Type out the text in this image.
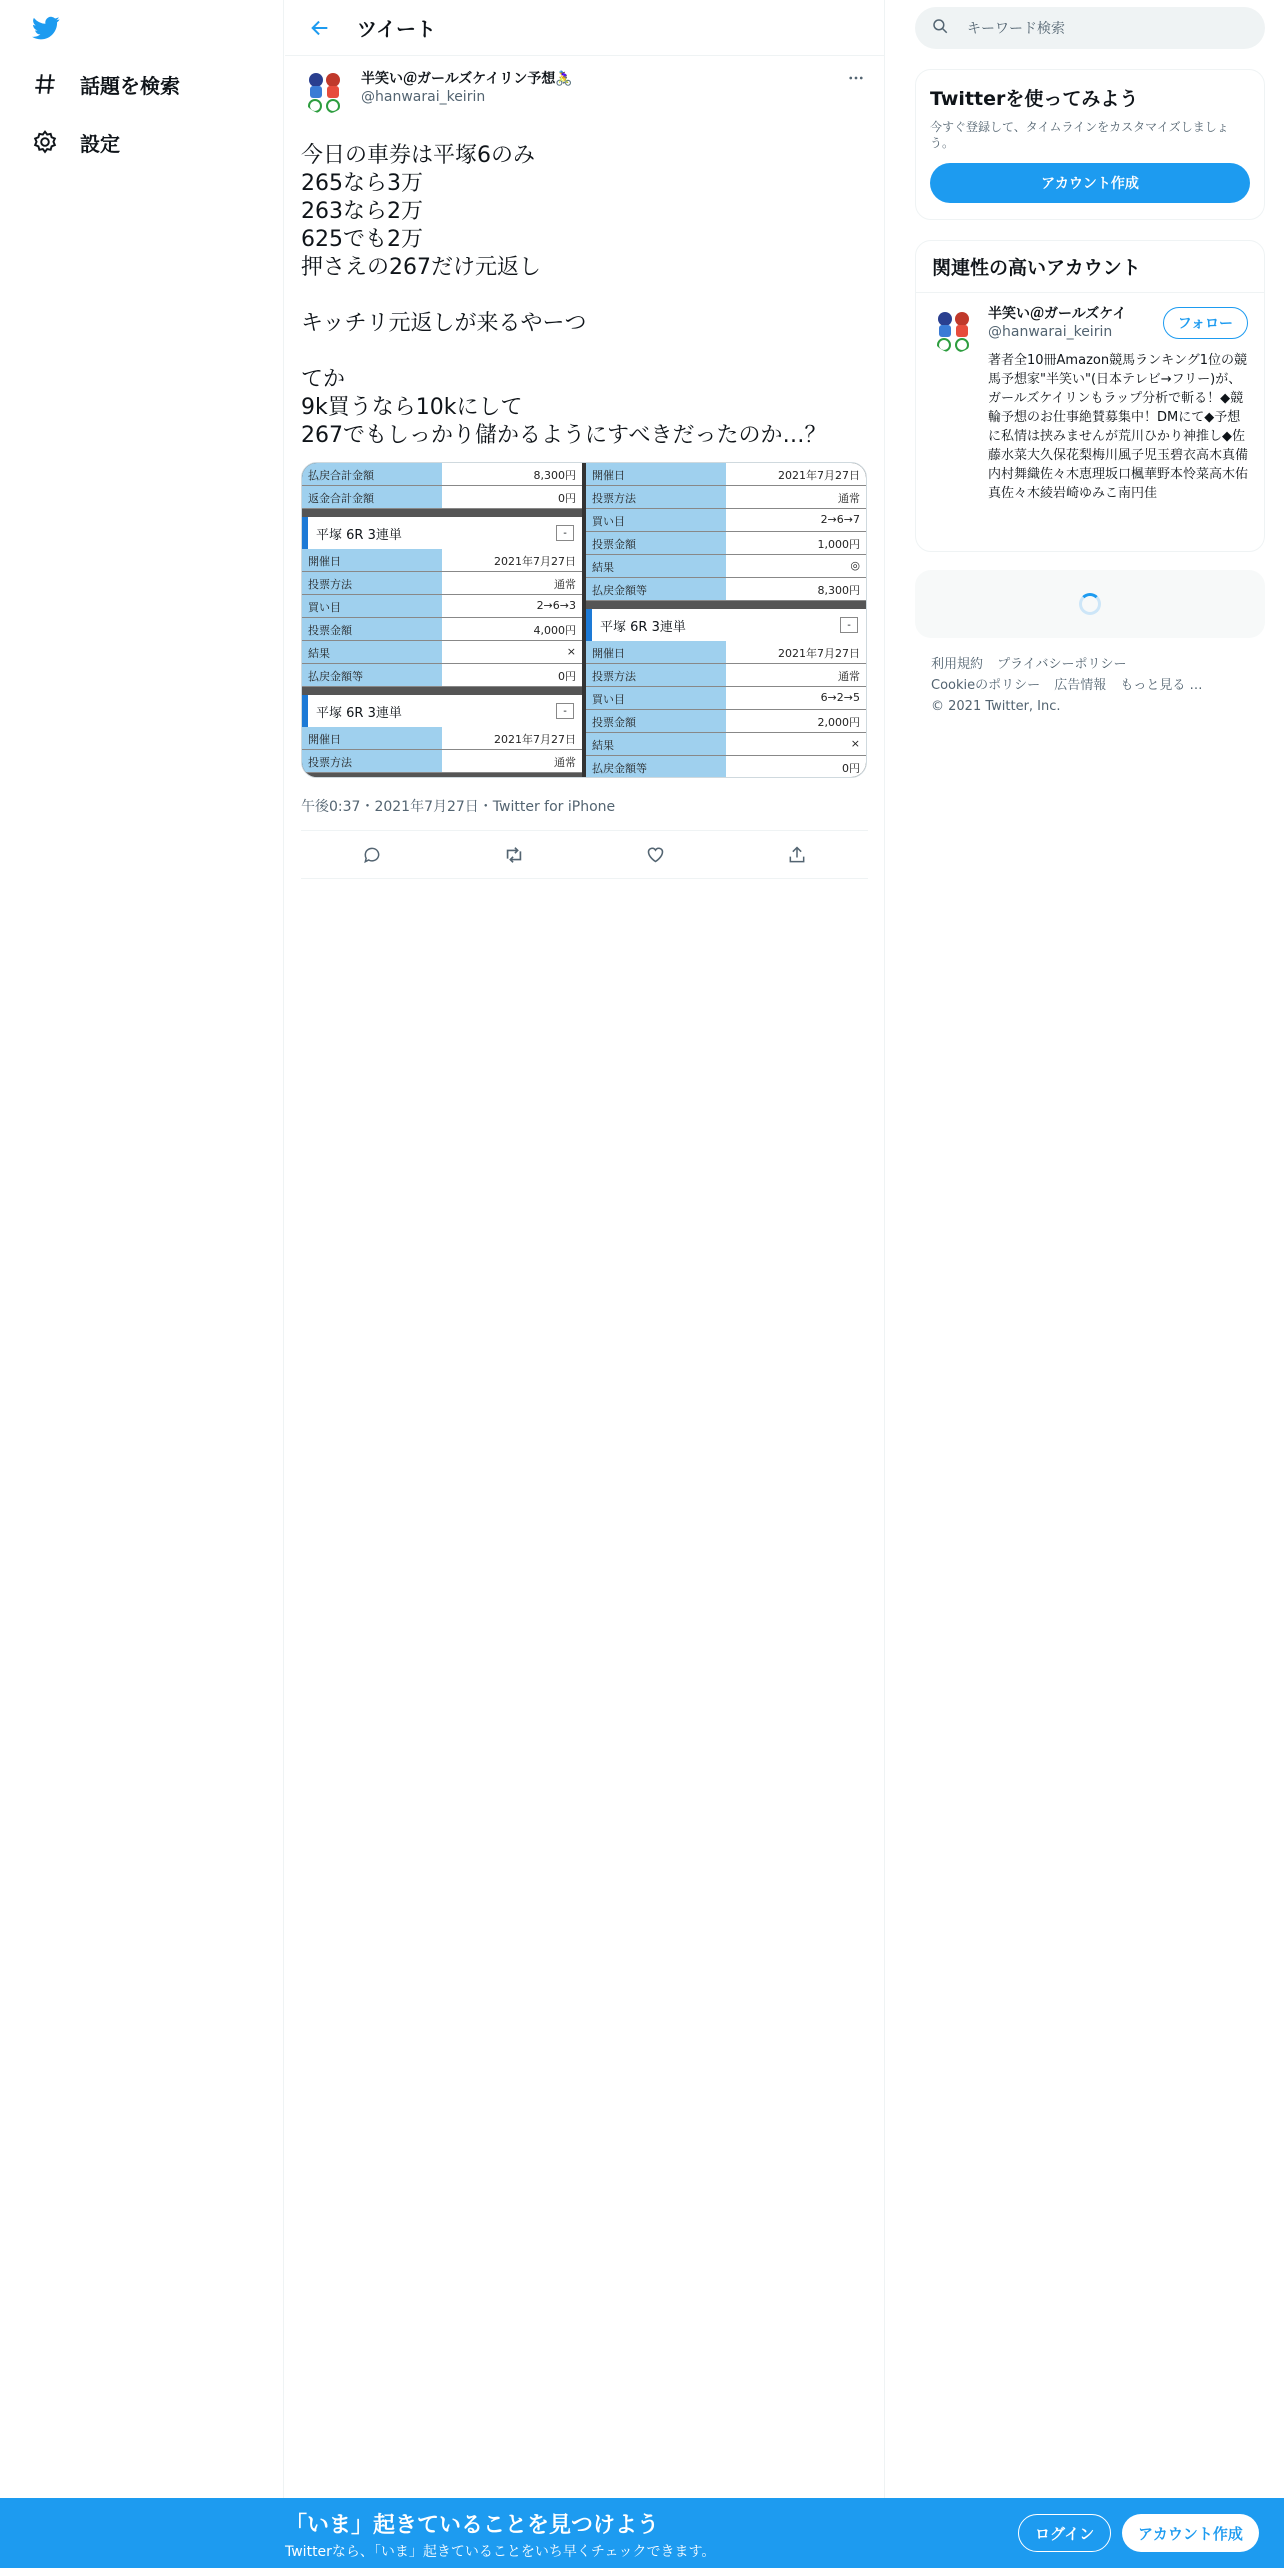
話題を検索
設定
ツイート
半笑い＠ガールズケイリン予想🚴‍♀️
@hanwarai_keirin
今日の車券は平塚6のみ
265なら3万
263なら2万
625でも2万
押さえの267だけ元返し
キッチリ元返しが来るやーつ
てか
9k買うなら10kにして
267でもしっかり儲かるようにすべきだったのか…？
払戻合計金額	8,300円
返金合計金額	0円
平塚 6R 3連単	-
開催日	2021年7月27日
投票方法	通常
買い目	2→6→3
投票金額	4,000円
結果	×
払戻金額等	0円
平塚 6R 3連単	-
開催日	2021年7月27日
投票方法	通常
開催日	2021年7月27日
投票方法	通常
買い目	2→6→7
投票金額	1,000円
結果	◎
払戻金額等	8,300円
平塚 6R 3連単	-
開催日	2021年7月27日
投票方法	通常
買い目	6→2→5
投票金額	2,000円
結果	×
払戻金額等	0円
午後0:37・2021年7月27日・Twitter for iPhone
キーワード検索
Twitterを使ってみよう
今すぐ登録して、タイムラインをカスタマイズしましょう。
アカウント作成
関連性の高いアカウント
半笑い＠ガールズケイ
@hanwarai_keirin
著者全10冊Amazon競馬ランキング1位の競馬予想家"半笑い"(日本テレビ→フリー)が、ガールズケイリンもラップ分析で斬る！◆競輪予想のお仕事絶賛募集中！DMにて◆予想に私情は挟みませんが荒川ひかり神推し◆佐藤水菜大久保花梨梅川風子児玉碧衣高木真備内村舞織佐々木恵理坂口楓華野本怜菜高木佑真佐々木綾岩崎ゆみこ南円佳
フォロー
利用規約 プライバシーポリシー
Cookieのポリシー 広告情報 もっと見る …
© 2021 Twitter, Inc.
「いま」起きていることを見つけよう
Twitterなら、「いま」起きていることをいち早くチェックできます。
ログイン	アカウント作成
